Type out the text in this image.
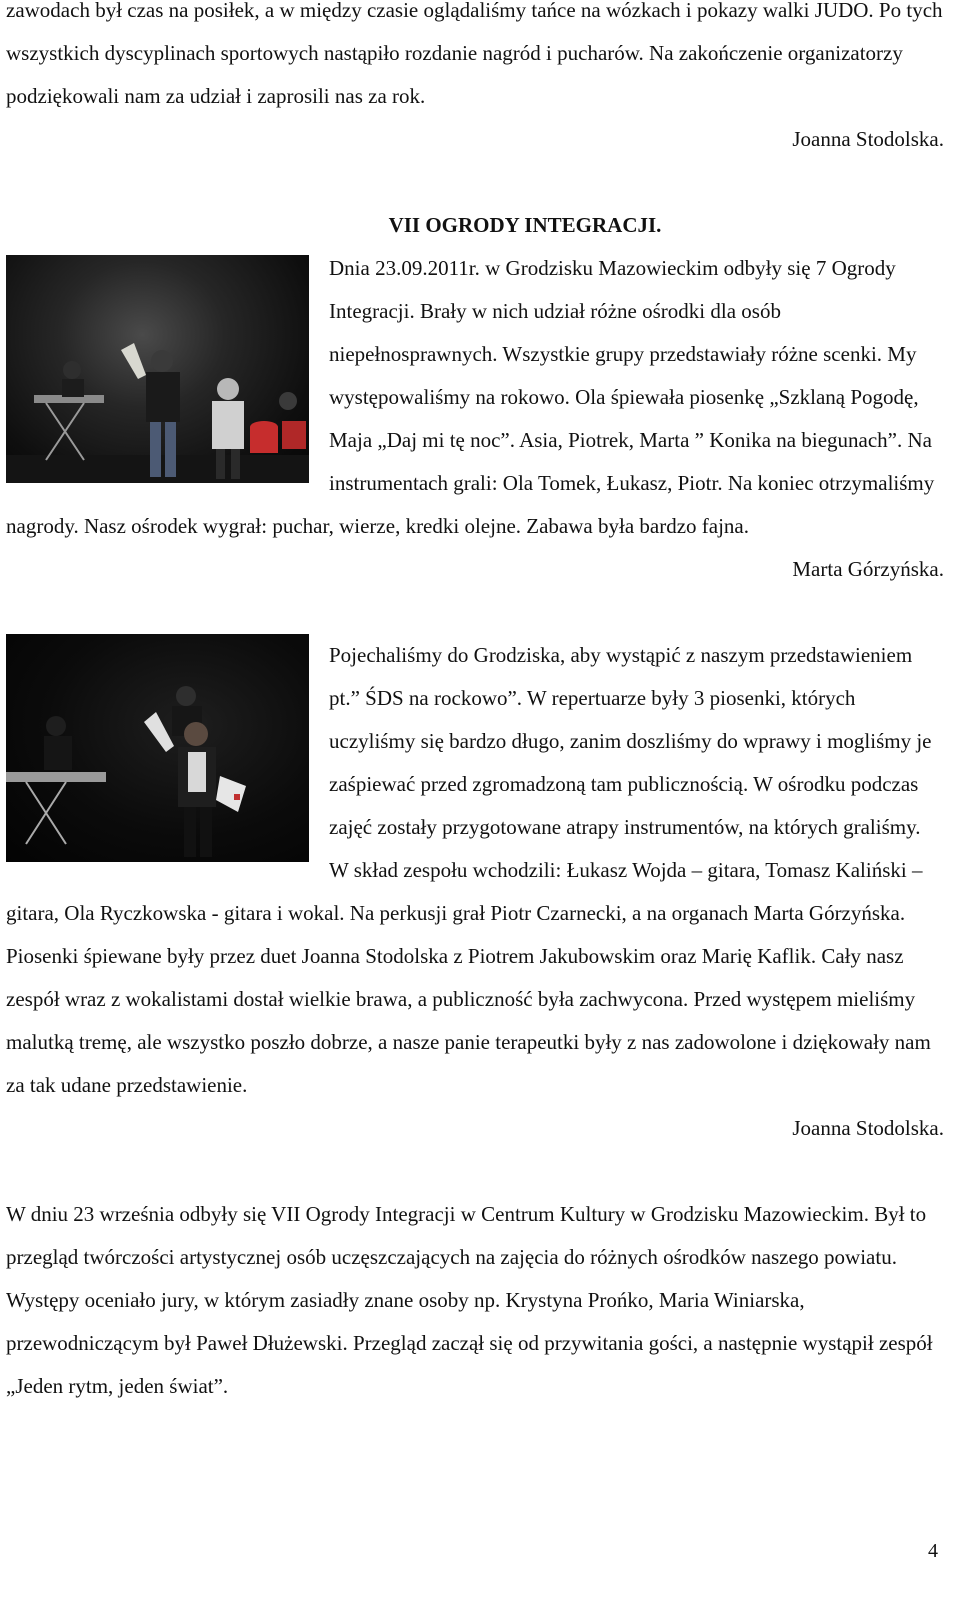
zawodach był czas na posiłek, a w między czasie oglądaliśmy tańce na wózkach i pokazy walki JUDO. Po tych wszystkich dyscyplinach sportowych nastąpiło rozdanie nagród i pucharów. Na zakończenie organizatorzy podziękowali nam za udział i zaprosili nas za rok.

Joanna Stodolska.

VII OGRODY INTEGRACJI.

Dnia 23.09.2011r. w Grodzisku Mazowieckim odbyły się 7 Ogrody Integracji. Brały w nich udział różne ośrodki dla osób niepełnosprawnych. Wszystkie grupy przedstawiały różne scenki. My występowaliśmy na rokowo. Ola śpiewała piosenkę „Szklaną Pogodę, Maja „Daj mi tę noc”. Asia, Piotrek, Marta ” Konika na biegunach”. Na instrumentach grali: Ola Tomek, Łukasz, Piotr. Na koniec otrzymaliśmy nagrody. Nasz ośrodek wygrał: puchar, wierze, kredki olejne. Zabawa była bardzo fajna.

Marta Górzyńska.

Pojechaliśmy do Grodziska, aby wystąpić z naszym przedstawieniem pt.” ŚDS na rockowo”. W repertuarze były 3 piosenki, których uczyliśmy się bardzo długo, zanim doszliśmy do wprawy i mogliśmy je zaśpiewać przed zgromadzoną tam publicznością. W ośrodku podczas zajęć zostały przygotowane atrapy instrumentów, na których graliśmy. W skład zespołu wchodzili: Łukasz Wojda – gitara, Tomasz Kaliński – gitara, Ola Ryczkowska - gitara i wokal. Na perkusji grał Piotr Czarnecki, a na organach Marta Górzyńska. Piosenki śpiewane były przez duet Joanna Stodolska z Piotrem Jakubowskim oraz Marię Kaflik. Cały nasz zespół wraz z wokalistami dostał wielkie brawa, a publiczność była zachwycona. Przed występem mieliśmy malutką tremę, ale wszystko poszło dobrze, a nasze panie terapeutki były z nas zadowolone i dziękowały nam za tak udane przedstawienie.

Joanna Stodolska.

W dniu 23 września odbyły się VII Ogrody Integracji w Centrum Kultury w Grodzisku Mazowieckim. Był to przegląd twórczości artystycznej osób uczęszczających na zajęcia do różnych ośrodków naszego powiatu. Występy oceniało jury, w którym zasiadły znane osoby np. Krystyna Prońko, Maria Winiarska, przewodniczącym był Paweł Dłużewski. Przegląd zaczął się od przywitania gości, a następnie wystąpił zespół „Jeden rytm, jeden świat”.

4
